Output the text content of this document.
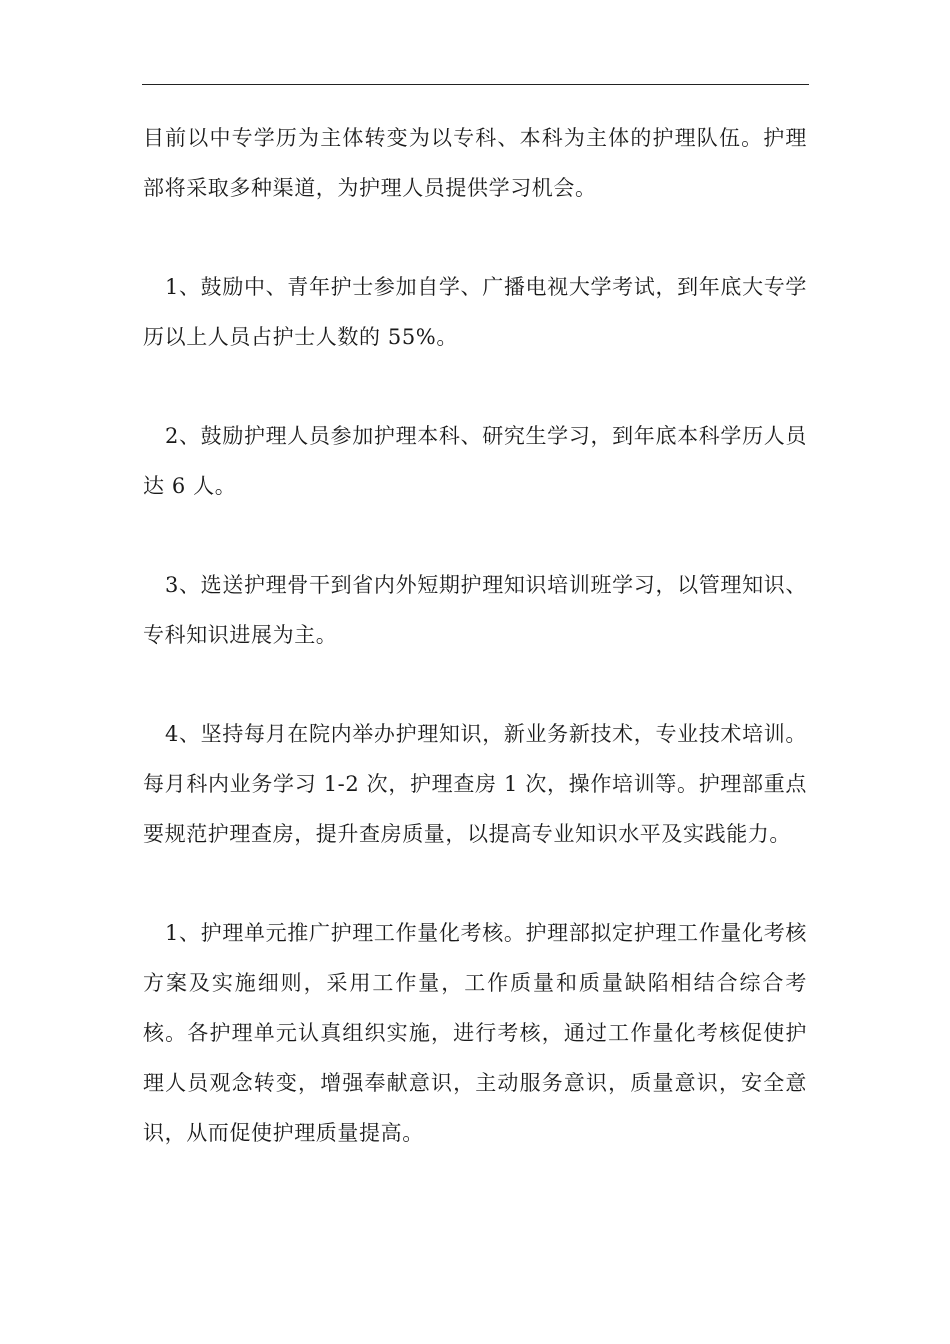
目前以中专学历为主体转变为以专科、本科为主体的护理队伍。护理部将采取多种渠道，为护理人员提供学习机会。

1、鼓励中、青年护士参加自学、广播电视大学考试，到年底大专学历以上人员占护士人数的 55%。

2、鼓励护理人员参加护理本科、研究生学习，到年底本科学历人员达 6 人。

3、选送护理骨干到省内外短期护理知识培训班学习，以管理知识、专科知识进展为主。

4、坚持每月在院内举办护理知识，新业务新技术，专业技术培训。每月科内业务学习 1-2 次，护理查房 1 次，操作培训等。护理部重点要规范护理查房，提升查房质量，以提高专业知识水平及实践能力。

1、护理单元推广护理工作量化考核。护理部拟定护理工作量化考核方案及实施细则，采用工作量，工作质量和质量缺陷相结合综合考核。各护理单元认真组织实施，进行考核，通过工作量化考核促使护理人员观念转变，增强奉献意识，主动服务意识，质量意识，安全意识，从而促使护理质量提高。
